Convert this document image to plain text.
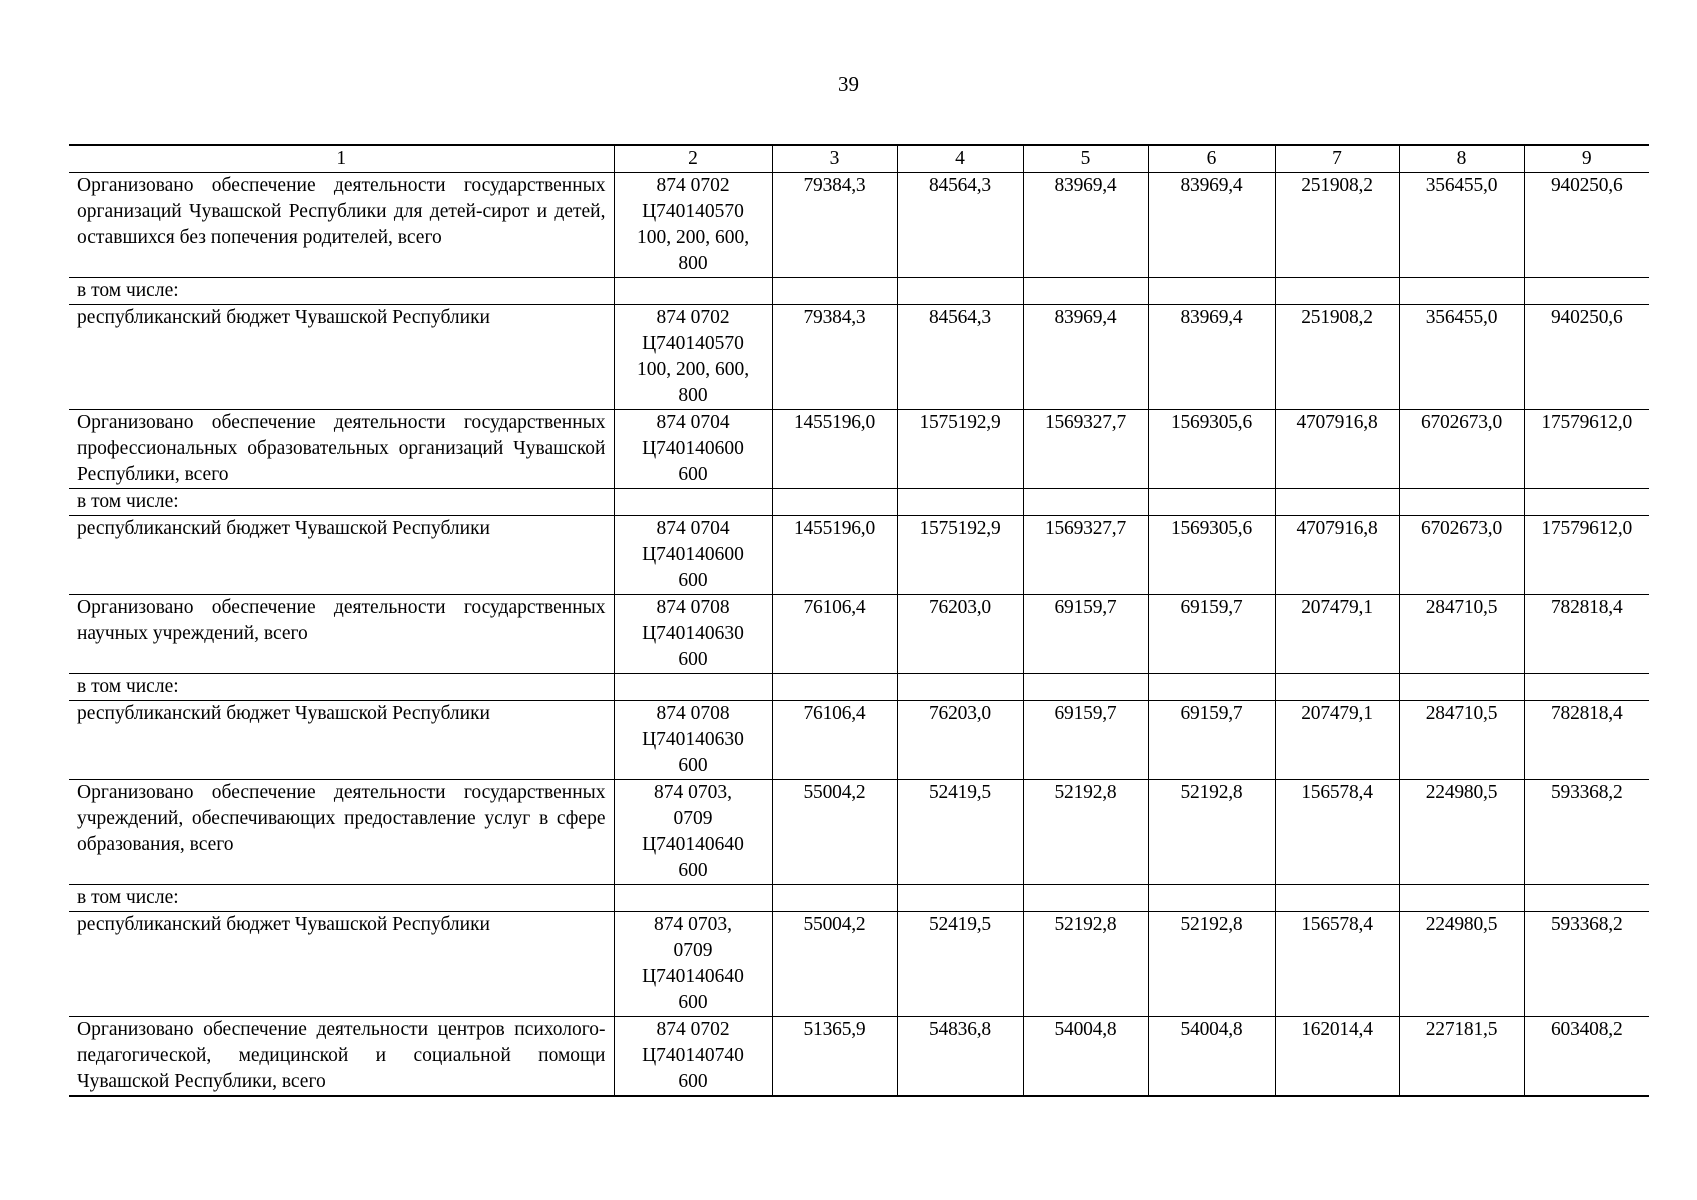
39
1	2	3	4	5	6	7	8	9
Организовано обеспечение деятельности государственных организаций Чувашской Республики для детей-сирот и детей, оставшихся без попечения родителей, всего	874 0702
Ц740140570
100, 200, 600,
800	79384,3	84564,3	83969,4	83969,4	251908,2	356455,0	940250,6
в том числе:								
республиканский бюджет Чувашской Республики	874 0702
Ц740140570
100, 200, 600,
800	79384,3	84564,3	83969,4	83969,4	251908,2	356455,0	940250,6
Организовано обеспечение деятельности государственных профессиональных образовательных организаций Чувашской Республики, всего	874 0704
Ц740140600
600	1455196,0	1575192,9	1569327,7	1569305,6	4707916,8	6702673,0	17579612,0
в том числе:								
республиканский бюджет Чувашской Республики	874 0704
Ц740140600
600	1455196,0	1575192,9	1569327,7	1569305,6	4707916,8	6702673,0	17579612,0
Организовано обеспечение деятельности государственных научных учреждений, всего	874 0708
Ц740140630
600	76106,4	76203,0	69159,7	69159,7	207479,1	284710,5	782818,4
в том числе:								
республиканский бюджет Чувашской Республики	874 0708
Ц740140630
600	76106,4	76203,0	69159,7	69159,7	207479,1	284710,5	782818,4
Организовано обеспечение деятельности государственных учреждений, обеспечивающих предоставление услуг в сфере образования, всего	874 0703,
0709
Ц740140640
600	55004,2	52419,5	52192,8	52192,8	156578,4	224980,5	593368,2
в том числе:								
республиканский бюджет Чувашской Республики	874 0703,
0709
Ц740140640
600	55004,2	52419,5	52192,8	52192,8	156578,4	224980,5	593368,2
Организовано обеспечение деятельности центров психолого-педагогической, медицинской и социальной помощи Чувашской Республики, всего	874 0702
Ц740140740
600	51365,9	54836,8	54004,8	54004,8	162014,4	227181,5	603408,2
